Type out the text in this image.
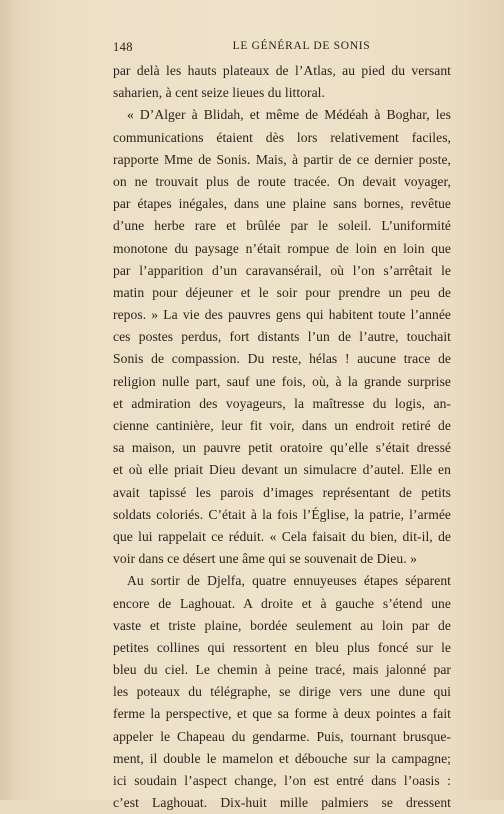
148	LE GÉNÉRAL DE SONIS
par delà les hauts plateaux de l’Atlas, au pied du versant
saharien, à cent seize lieues du littoral.
« D’Alger à Blidah, et même de Médéah à Boghar, les
communications étaient dès lors relativement faciles,
rapporte Mme de Sonis. Mais, à partir de ce dernier poste,
on ne trouvait plus de route tracée. On devait voyager,
par étapes inégales, dans une plaine sans bornes, revêtue
d’une herbe rare et brûlée par le soleil. L’uniformité
monotone du paysage n’était rompue de loin en loin que
par l’apparition d’un caravansérail, où l’on s’arrêtait le
matin pour déjeuner et le soir pour prendre un peu de
repos. » La vie des pauvres gens qui habitent toute l’année
ces postes perdus, fort distants l’un de l’autre, touchait
Sonis de compassion. Du reste, hélas ! aucune trace de
religion nulle part, sauf une fois, où, à la grande surprise
et admiration des voyageurs, la maîtresse du logis, an-
cienne cantinière, leur fit voir, dans un endroit retiré de
sa maison, un pauvre petit oratoire qu’elle s’était dressé
et où elle priait Dieu devant un simulacre d’autel. Elle en
avait tapissé les parois d’images représentant de petits
soldats coloriés. C’était à la fois l’Église, la patrie, l’armée
que lui rappelait ce réduit. « Cela faisait du bien, dit-il, de
voir dans ce désert une âme qui se souvenait de Dieu. »
Au sortir de Djelfa, quatre ennuyeuses étapes séparent
encore de Laghouat. A droite et à gauche s’étend une
vaste et triste plaine, bordée seulement au loin par de
petites collines qui ressortent en bleu plus foncé sur le
bleu du ciel. Le chemin à peine tracé, mais jalonné par
les poteaux du télégraphe, se dirige vers une dune qui
ferme la perspective, et que sa forme à deux pointes a fait
appeler le Chapeau du gendarme. Puis, tournant brusque-
ment, il double le mamelon et débouche sur la campagne;
ici soudain l’aspect change, l’on est entré dans l’oasis :
c’est Laghouat. Dix-huit mille palmiers se dressent
